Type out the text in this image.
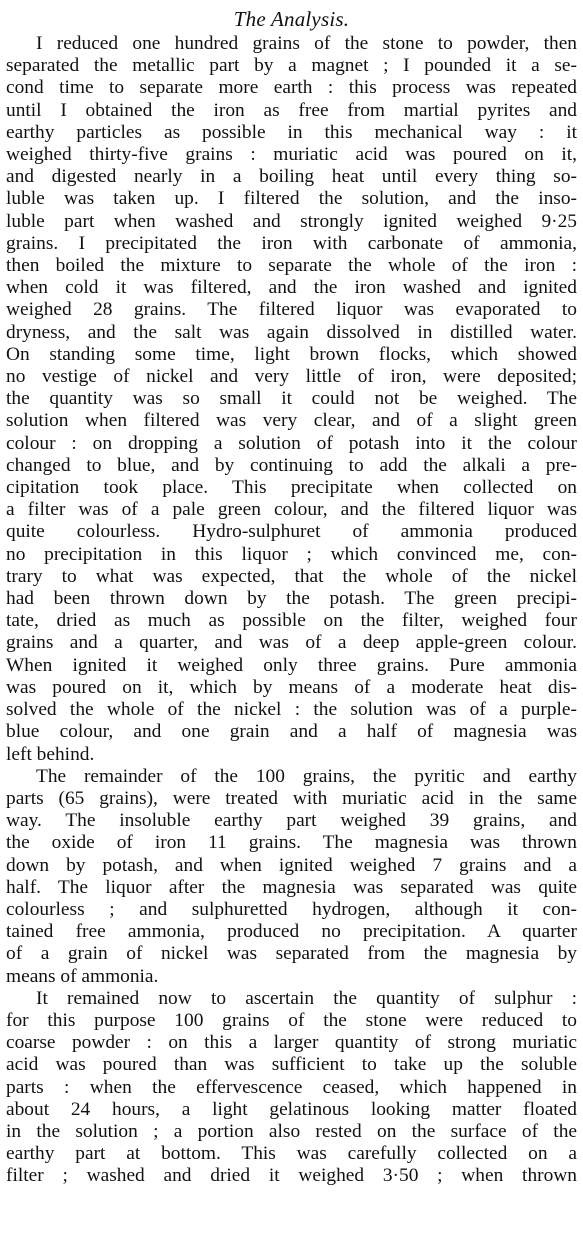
The Analysis.
I reduced one hundred grains of the stone to powder, then
separated the metallic part by a magnet ; I pounded it a se-
cond time to separate more earth : this process was repeated
until I obtained the iron as free from martial pyrites and
earthy particles as possible in this mechanical way : it
weighed thirty-five grains : muriatic acid was poured on it,
and digested nearly in a boiling heat until every thing so-
luble was taken up. I filtered the solution, and the inso-
luble part when washed and strongly ignited weighed 9·25
grains. I precipitated the iron with carbonate of ammonia,
then boiled the mixture to separate the whole of the iron :
when cold it was filtered, and the iron washed and ignited
weighed 28 grains. The filtered liquor was evaporated to
dryness, and the salt was again dissolved in distilled water.
On standing some time, light brown flocks, which showed
no vestige of nickel and very little of iron, were deposited;
the quantity was so small it could not be weighed. The
solution when filtered was very clear, and of a slight green
colour : on dropping a solution of potash into it the colour
changed to blue, and by continuing to add the alkali a pre-
cipitation took place. This precipitate when collected on
a filter was of a pale green colour, and the filtered liquor was
quite colourless. Hydro-sulphuret of ammonia produced
no precipitation in this liquor ; which convinced me, con-
trary to what was expected, that the whole of the nickel
had been thrown down by the potash. The green precipi-
tate, dried as much as possible on the filter, weighed four
grains and a quarter, and was of a deep apple-green colour.
When ignited it weighed only three grains. Pure ammonia
was poured on it, which by means of a moderate heat dis-
solved the whole of the nickel : the solution was of a purple-
blue colour, and one grain and a half of magnesia was
left behind.
The remainder of the 100 grains, the pyritic and earthy
parts (65 grains), were treated with muriatic acid in the same
way. The insoluble earthy part weighed 39 grains, and
the oxide of iron 11 grains. The magnesia was thrown
down by potash, and when ignited weighed 7 grains and a
half. The liquor after the magnesia was separated was quite
colourless ; and sulphuretted hydrogen, although it con-
tained free ammonia, produced no precipitation. A quarter
of a grain of nickel was separated from the magnesia by
means of ammonia.
It remained now to ascertain the quantity of sulphur :
for this purpose 100 grains of the stone were reduced to
coarse powder : on this a larger quantity of strong muriatic
acid was poured than was sufficient to take up the soluble
parts : when the effervescence ceased, which happened in
about 24 hours, a light gelatinous looking matter floated
in the solution ; a portion also rested on the surface of the
earthy part at bottom. This was carefully collected on a
filter ; washed and dried it weighed 3·50 ; when thrown
